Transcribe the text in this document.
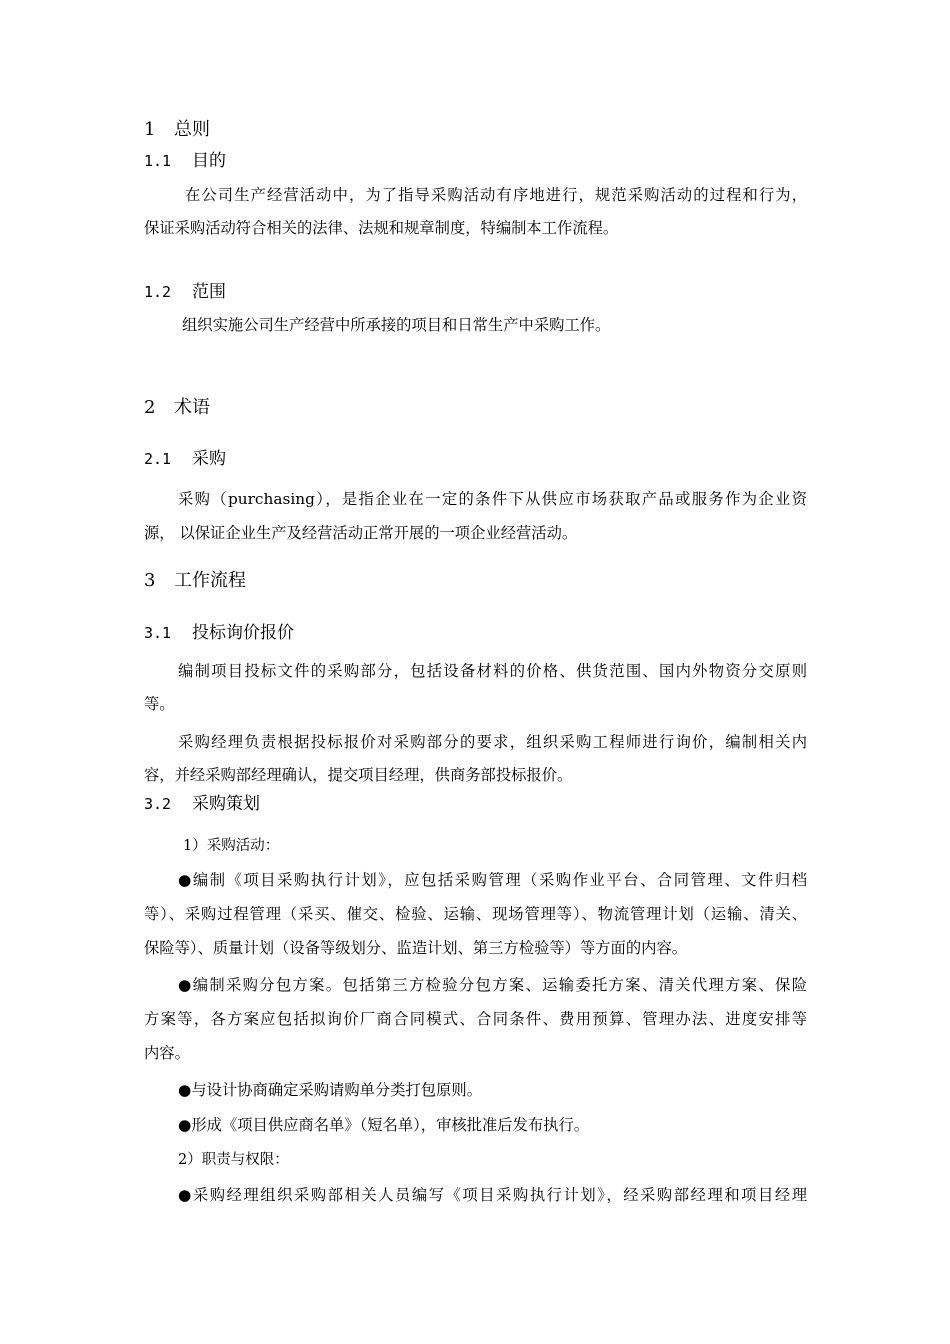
1 总则
1.1 目的
在公司生产经营活动中，为了指导采购活动有序地进行，规范采购活动的过程和行为，
保证采购活动符合相关的法律、法规和规章制度，特编制本工作流程。
1.2 范围
组织实施公司生产经营中所承接的项目和日常生产中采购工作。
2 术语
2.1 采购
采购（purchasing），是指企业在一定的条件下从供应市场获取产品或服务作为企业资
源， 以保证企业生产及经营活动正常开展的一项企业经营活动。
3 工作流程
3.1 投标询价报价
编制项目投标文件的采购部分，包括设备材料的价格、供货范围、国内外物资分交原则
等。
采购经理负责根据投标报价对采购部分的要求，组织采购工程师进行询价，编制相关内
容，并经采购部经理确认，提交项目经理，供商务部投标报价。
3.2 采购策划
1）采购活动：
●编制《项目采购执行计划》，应包括采购管理（采购作业平台、合同管理、文件归档
等）、采购过程管理（采买、催交、检验、运输、现场管理等）、物流管理计划（运输、清关、
保险等）、质量计划（设备等级划分、监造计划、第三方检验等）等方面的内容。
●编制采购分包方案。包括第三方检验分包方案、运输委托方案、清关代理方案、保险
方案等，各方案应包括拟询价厂商合同模式、合同条件、费用预算、管理办法、进度安排等
内容。
●与设计协商确定采购请购单分类打包原则。
●形成《项目供应商名单》（短名单），审核批准后发布执行。
2）职责与权限：
●采购经理组织采购部相关人员编写《项目采购执行计划》，经采购部经理和项目经理
